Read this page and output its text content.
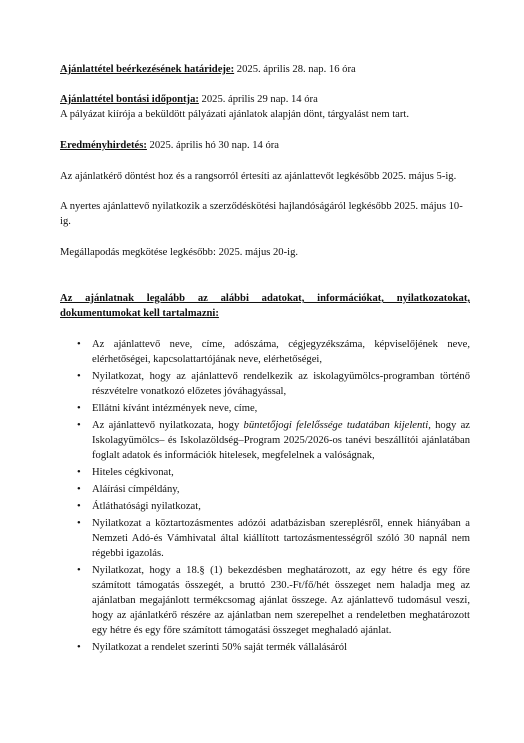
Ajánlattétel beérkezésének határideje: 2025. április 28. nap. 16 óra

Ajánlattétel bontási időpontja: 2025. április 29 nap. 14 óra

A pályázat kiírója a beküldött pályázati ajánlatok alapján dönt, tárgyalást nem tart.

Eredményhirdetés: 2025. április hó 30 nap. 14 óra

Az ajánlatkérő döntést hoz és a rangsorról értesíti az ajánlattevőt legkésőbb 2025. május 5-ig.

A nyertes ajánlattevő nyilatkozik a szerződéskötési hajlandóságáról legkésőbb 2025. május 10-ig.

Megállapodás megkötése legkésőbb: 2025. május 20-ig.

Az ajánlatnak legalább az alábbi adatokat, információkat, nyilatkozatokat, dokumentumokat kell tartalmazni:

• Az ajánlattevő neve, címe, adószáma, cégjegyzékszáma, képviselőjének neve, elérhetőségei, kapcsolattartójának neve, elérhetőségei,
• Nyilatkozat, hogy az ajánlattevő rendelkezik az iskolagyümölcs-programban történő részvételre vonatkozó előzetes jóváhagyással,
• Ellátni kívánt intézmények neve, címe,
• Az ajánlattevő nyilatkozata, hogy büntetőjogi felelőssége tudatában kijelenti, hogy az Iskolagyümölcs– és Iskolazöldség–Program 2025/2026-os tanévi beszállítói ajánlatában foglalt adatok és információk hitelesek, megfelelnek a valóságnak,
• Hiteles cégkivonat,
• Aláírási címpéldány,
• Átláthatósági nyilatkozat,
• Nyilatkozat a köztartozásmentes adózói adatbázisban szereplésről, ennek hiányában a Nemzeti Adó-és Vámhivatal által kiállított tartozásmentességről szóló 30 napnál nem régebbi igazolás.
• Nyilatkozat, hogy a 18.§ (1) bekezdésben meghatározott, az egy hétre és egy főre számított támogatás összegét, a bruttó 230.-Ft/fő/hét összeget nem haladja meg az ajánlatban megajánlott termékcsomag ajánlat összege. Az ajánlattevő tudomásul veszi, hogy az ajánlatkérő részére az ajánlatban nem szerepelhet a rendeletben meghatározott egy hétre és egy főre számított támogatási összeget meghaladó ajánlat.
• Nyilatkozat a rendelet szerinti 50% saját termék vállalásáról
